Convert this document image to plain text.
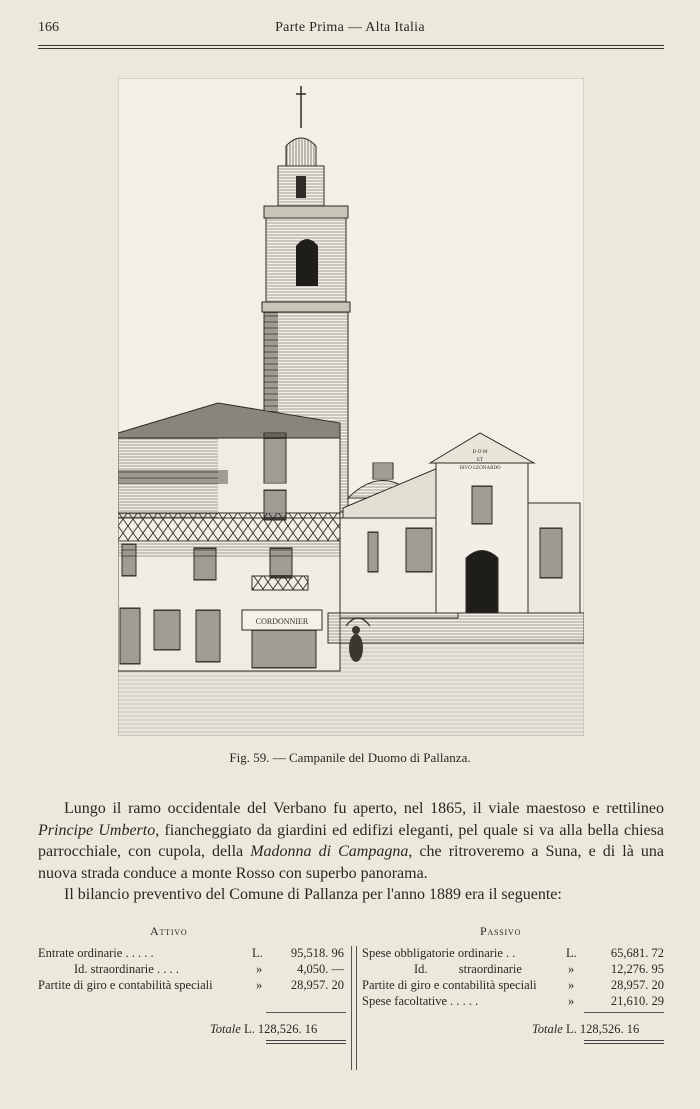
166	Parte Prima — Alta Italia
CORDONNIER
D·O·M
ET
DIVO LEONARDO
Fig. 59. — Campanile del Duomo di Pallanza.

Lungo il ramo occidentale del Verbano fu aperto, nel 1865, il viale maestoso e rettilineo Principe Umberto, fiancheggiato da giardini ed edifizi eleganti, pel quale si va alla bella chiesa parrocchiale, con cupola, della Madonna di Campagna, che ritroveremo a Suna, e di là una nuova strada conduce a monte Rosso con superbo panorama.

Il bilancio preventivo del Comune di Pallanza per l'anno 1889 era il seguente:

Attivo	Passivo
Entrate ordinarie . . . . .	L.	95,518. 96
Id. straordinarie . . . .	»	4,050. —
Partite di giro e contabilità speciali	»	28,957. 20
Spese obbligatorie ordinarie . .	L.	65,681. 72
Id.          straordinarie	»	12,276. 95
Partite di giro e contabilità speciali	»	28,957. 20
Spese facoltative . . . . .	»	21,610. 29
Totale L. 128,526. 16	Totale L. 128,526. 16
